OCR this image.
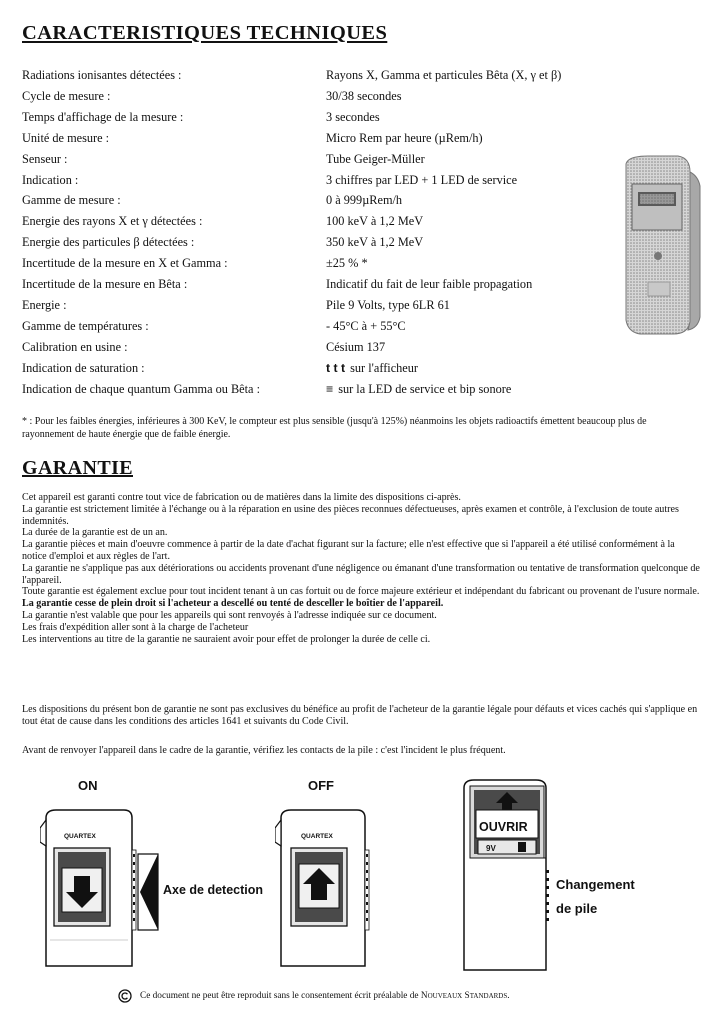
CARACTERISTIQUES TECHNIQUES
Radiations ionisantes détectées :	Rayons X, Gamma et particules Bêta (X, γ et β)
Cycle de mesure :	30/38 secondes
Temps d'affichage de la mesure :	3 secondes
Unité de mesure :	Micro Rem par heure (µRem/h)
Senseur :	Tube Geiger-Müller
Indication :	3 chiffres par LED + 1 LED de service
Gamme de mesure :	0 à 999µRem/h
Energie des rayons X et γ détectées :	100 keV à 1,2 MeV
Energie des particules β détectées :	350 keV à 1,2 MeV
Incertitude de la mesure en X et Gamma :	±25 % *
Incertitude de la mesure en Bêta :	Indicatif du fait de leur faible propagation
Energie :	Pile 9 Volts, type 6LR 61
Gamme de températures :	- 45°C à + 55°C
Calibration en usine :	Césium 137
Indication de saturation :	t t t sur l'afficheur
Indication de chaque quantum Gamma ou Bêta :	≡ sur la LED de service et bip sonore

* : Pour les faibles énergies, inférieures à 300 KeV, le compteur est plus sensible (jusqu'à 125%) néanmoins les objets radioactifs émettent beaucoup plus de rayonnement de haute énergie que de faible énergie.

GARANTIE

Cet appareil est garanti contre tout vice de fabrication ou de matières dans la limite des dispositions ci-après.

La garantie est strictement limitée à l'échange ou à la réparation en usine des pièces reconnues défectueuses, après examen et contrôle, à l'exclusion de toute autres indemnités.

La durée de la garantie est de un an.

La garantie pièces et main d'oeuvre commence à partir de la date d'achat figurant sur la facture; elle n'est effective que si l'appareil a été utilisé conformément à la notice d'emploi et aux règles de l'art.

La garantie ne s'applique pas aux détériorations ou accidents provenant d'une négligence ou émanant d'une transformation ou tentative de transformation quelconque de l'appareil.

Toute garantie est également exclue pour tout incident tenant à un cas fortuit ou de force majeure extérieur et indépendant du fabricant ou provenant de l'usure normale.

La garantie cesse de plein droit si l'acheteur a descellé ou tenté de desceller le boîtier de l'appareil.

La garantie n'est valable que pour les appareils qui sont renvoyés à l'adresse indiquée sur ce document.

Les frais d'expédition aller sont à la charge de l'acheteur

Les interventions au titre de la garantie ne sauraient avoir pour effet de prolonger la durée de celle ci.

Les dispositions du présent bon de garantie ne sont pas exclusives du bénéfice au profit de l'acheteur de la garantie légale pour défauts et vices cachés qui s'applique en tout état de cause dans les conditions des articles 1641 et suivants du Code Civil.

Avant de renvoyer l'appareil dans le cadre de la garantie, vérifiez les contacts de la pile : c'est l'incident le plus fréquent.

ON
QUARTEX
Axe de detection
OFF
QUARTEX
OUVRIR
9V
Changement
de pile
Ce document ne peut être reproduit sans le consentement écrit préalable de Nouveaux Standards.
